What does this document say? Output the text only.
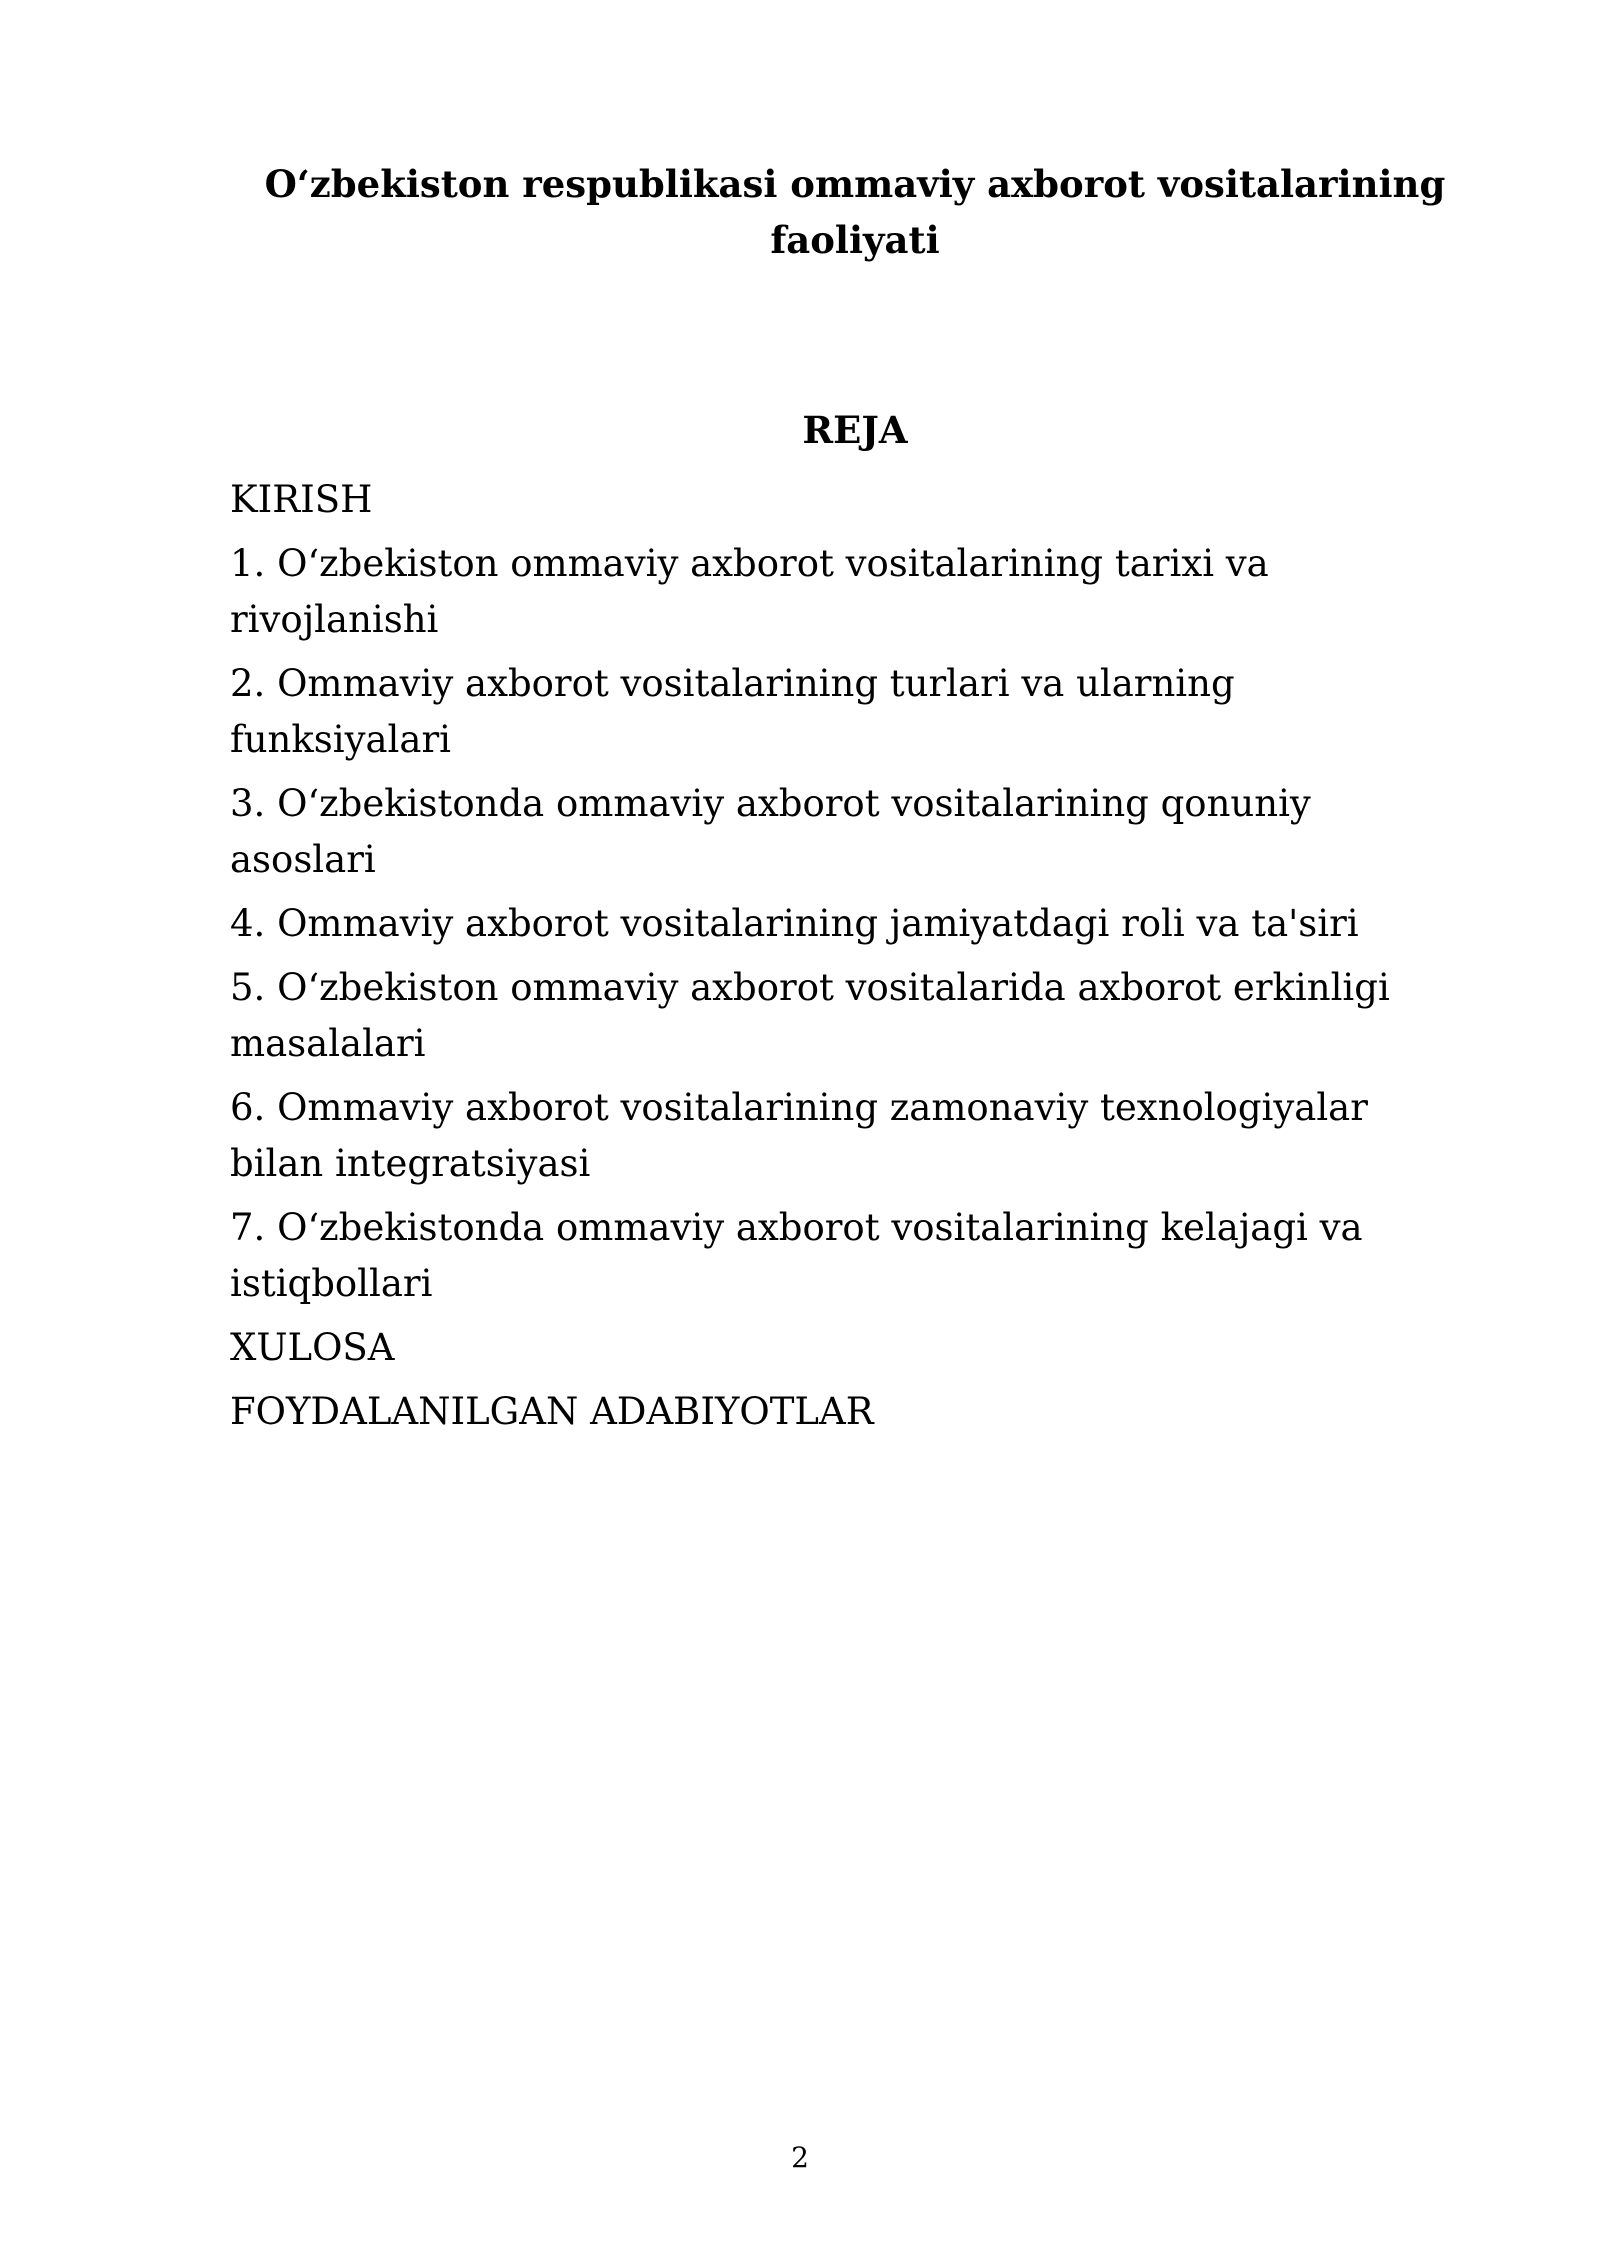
O‘zbekiston respublikasi ommaviy axborot vositalarining faoliyati
REJA
KIRISH
1. O‘zbekiston ommaviy axborot vositalarining tarixi va rivojlanishi
2. Ommaviy axborot vositalarining turlari va ularning funksiyalari
3. O‘zbekistonda ommaviy axborot vositalarining qonuniy asoslari
4. Ommaviy axborot vositalarining jamiyatdagi roli va ta'siri
5. O‘zbekiston ommaviy axborot vositalarida axborot erkinligi masalalari
6. Ommaviy axborot vositalarining zamonaviy texnologiyalar bilan integratsiyasi
7. O‘zbekistonda ommaviy axborot vositalarining kelajagi va istiqbollari
XULOSA
FOYDALANILGAN ADABIYOTLAR
2
